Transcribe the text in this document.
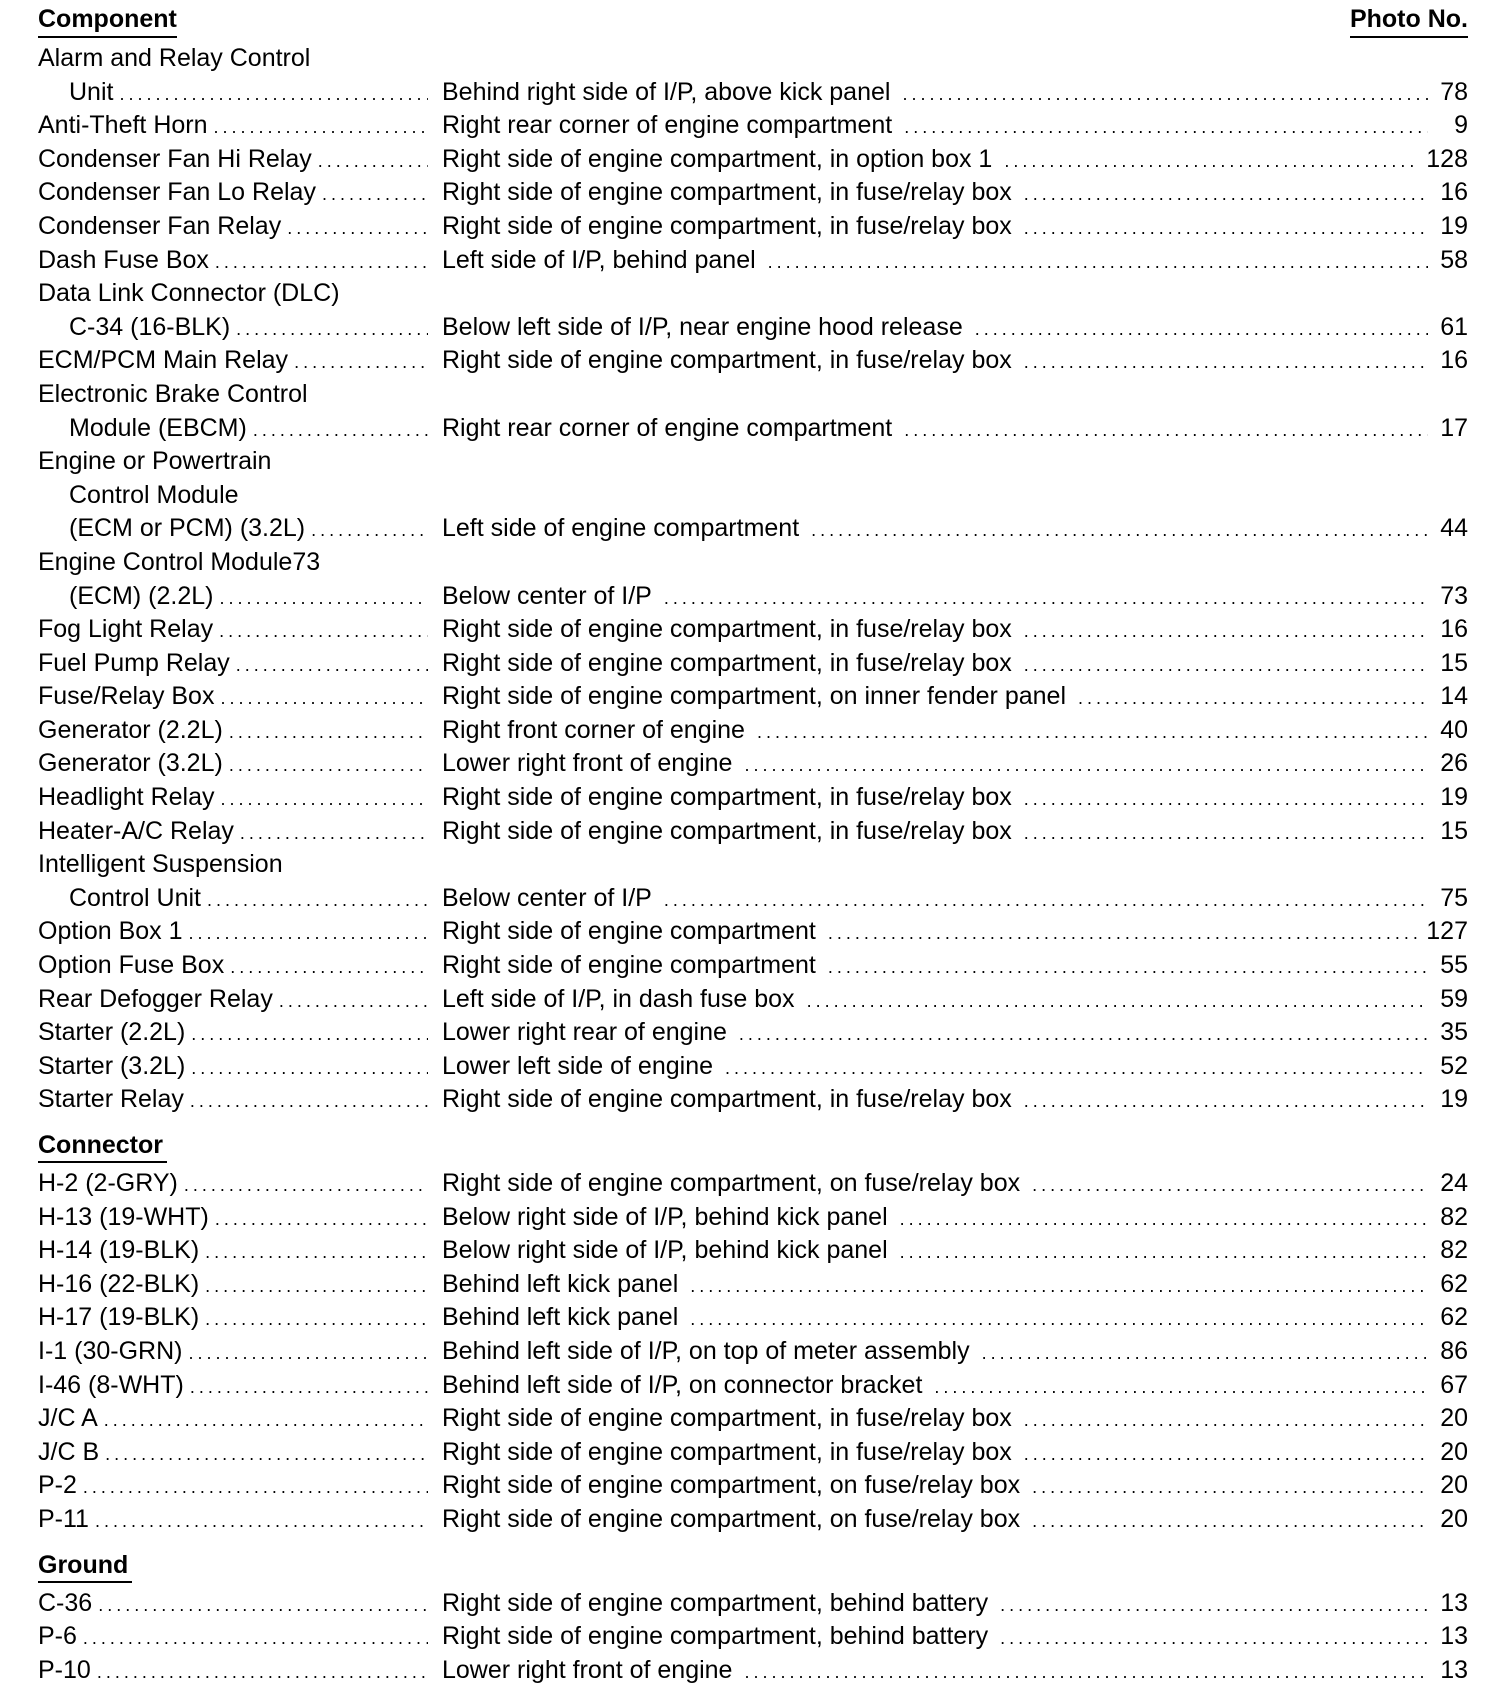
Component	Photo No.
Alarm and Relay Control
Unit .....	Behind right side of I/P, above kick panel .....	78
Anti-Theft Horn .....	Right rear corner of engine compartment .....	9
Condenser Fan Hi Relay .....	Right side of engine compartment, in option box 1 .....	128
Condenser Fan Lo Relay .....	Right side of engine compartment, in fuse/relay box .....	16
Condenser Fan Relay .....	Right side of engine compartment, in fuse/relay box .....	19
Dash Fuse Box .....	Left side of I/P, behind panel .....	58
Data Link Connector (DLC)
C-34 (16-BLK) .....	Below left side of I/P, near engine hood release .....	61
ECM/PCM Main Relay .....	Right side of engine compartment, in fuse/relay box .....	16
Electronic Brake Control
Module (EBCM) .....	Right rear corner of engine compartment .....	17
Engine or Powertrain
Control Module
(ECM or PCM) (3.2L) .....	Left side of engine compartment .....	44
Engine Control Module73
(ECM) (2.2L) .....	Below center of I/P .....	73
Fog Light Relay .....	Right side of engine compartment, in fuse/relay box .....	16
Fuel Pump Relay .....	Right side of engine compartment, in fuse/relay box .....	15
Fuse/Relay Box .....	Right side of engine compartment, on inner fender panel .....	14
Generator (2.2L) .....	Right front corner of engine .....	40
Generator (3.2L) .....	Lower right front of engine .....	26
Headlight Relay .....	Right side of engine compartment, in fuse/relay box .....	19
Heater-A/C Relay .....	Right side of engine compartment, in fuse/relay box .....	15
Intelligent Suspension
Control Unit .....	Below center of I/P .....	75
Option Box 1 .....	Right side of engine compartment .....	127
Option Fuse Box .....	Right side of engine compartment .....	55
Rear Defogger Relay .....	Left side of I/P, in dash fuse box .....	59
Starter (2.2L) .....	Lower right rear of engine .....	35
Starter (3.2L) .....	Lower left side of engine .....	52
Starter Relay .....	Right side of engine compartment, in fuse/relay box .....	19
Connector
H-2 (2-GRY) .....	Right side of engine compartment, on fuse/relay box .....	24
H-13 (19-WHT) .....	Below right side of I/P, behind kick panel .....	82
H-14 (19-BLK) .....	Below right side of I/P, behind kick panel .....	82
H-16 (22-BLK) .....	Behind left kick panel .....	62
H-17 (19-BLK) .....	Behind left kick panel .....	62
I-1 (30-GRN) .....	Behind left side of I/P, on top of meter assembly .....	86
I-46 (8-WHT) .....	Behind left side of I/P, on connector bracket .....	67
J/C A .....	Right side of engine compartment, in fuse/relay box .....	20
J/C B .....	Right side of engine compartment, in fuse/relay box .....	20
P-2 .....	Right side of engine compartment, on fuse/relay box .....	20
P-11 .....	Right side of engine compartment, on fuse/relay box .....	20
Ground
C-36 .....	Right side of engine compartment, behind battery .....	13
P-6 .....	Right side of engine compartment, behind battery .....	13
P-10 .....	Lower right front of engine .....	13
